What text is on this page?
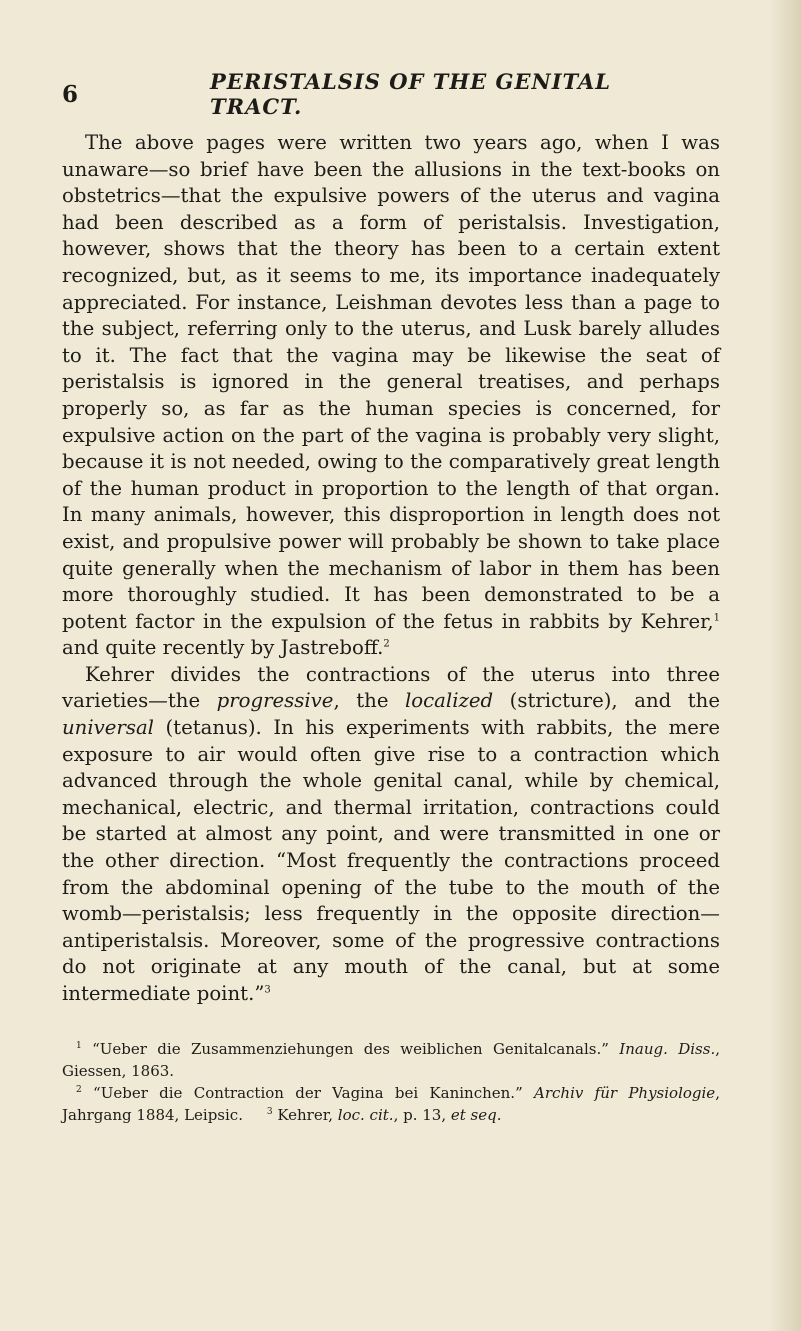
6	PERISTALSIS OF THE GENITAL TRACT.

The above pages were written two years ago, when I was unaware—so brief have been the allusions in the text-books on obstetrics—that the expulsive powers of the uterus and vagina had been described as a form of peristalsis. Investigation, however, shows that the theory has been to a certain extent recognized, but, as it seems to me, its importance inadequately appreciated. For instance, Leishman devotes less than a page to the subject, referring only to the uterus, and Lusk barely alludes to it. The fact that the vagina may be likewise the seat of peristalsis is ignored in the general treatises, and perhaps properly so, as far as the human species is concerned, for expulsive action on the part of the vagina is probably very slight, because it is not needed, owing to the comparatively great length of the human product in proportion to the length of that organ. In many animals, however, this disproportion in length does not exist, and propulsive power will probably be shown to take place quite generally when the mechanism of labor in them has been more thoroughly studied. It has been demonstrated to be a potent factor in the expulsion of the fetus in rabbits by Kehrer,$^1$ and quite recently by Jastreboff.$^2$

Kehrer divides the contractions of the uterus into three varieties—the progressive, the localized (stricture), and the universal (tetanus). In his experiments with rabbits, the mere exposure to air would often give rise to a contraction which advanced through the whole genital canal, while by chemical, mechanical, electric, and thermal irritation, contractions could be started at almost any point, and were transmitted in one or the other direction. “Most frequently the contractions proceed from the abdominal opening of the tube to the mouth of the womb—peristalsis; less frequently in the opposite direction—antiperistalsis. Moreover, some of the progressive contractions do not originate at any mouth of the canal, but at some intermediate point.”$^3$

$^1$ “Ueber die Zusammenziehungen des weiblichen Genitalcanals.” Inaug. Diss., Giessen, 1863.

$^2$ “Ueber die Contraction der Vagina bei Kaninchen.” Archiv für Physiologie, Jahrgang 1884, Leipsic.	$^3$ Kehrer, loc. cit., p. 13, et seq.
